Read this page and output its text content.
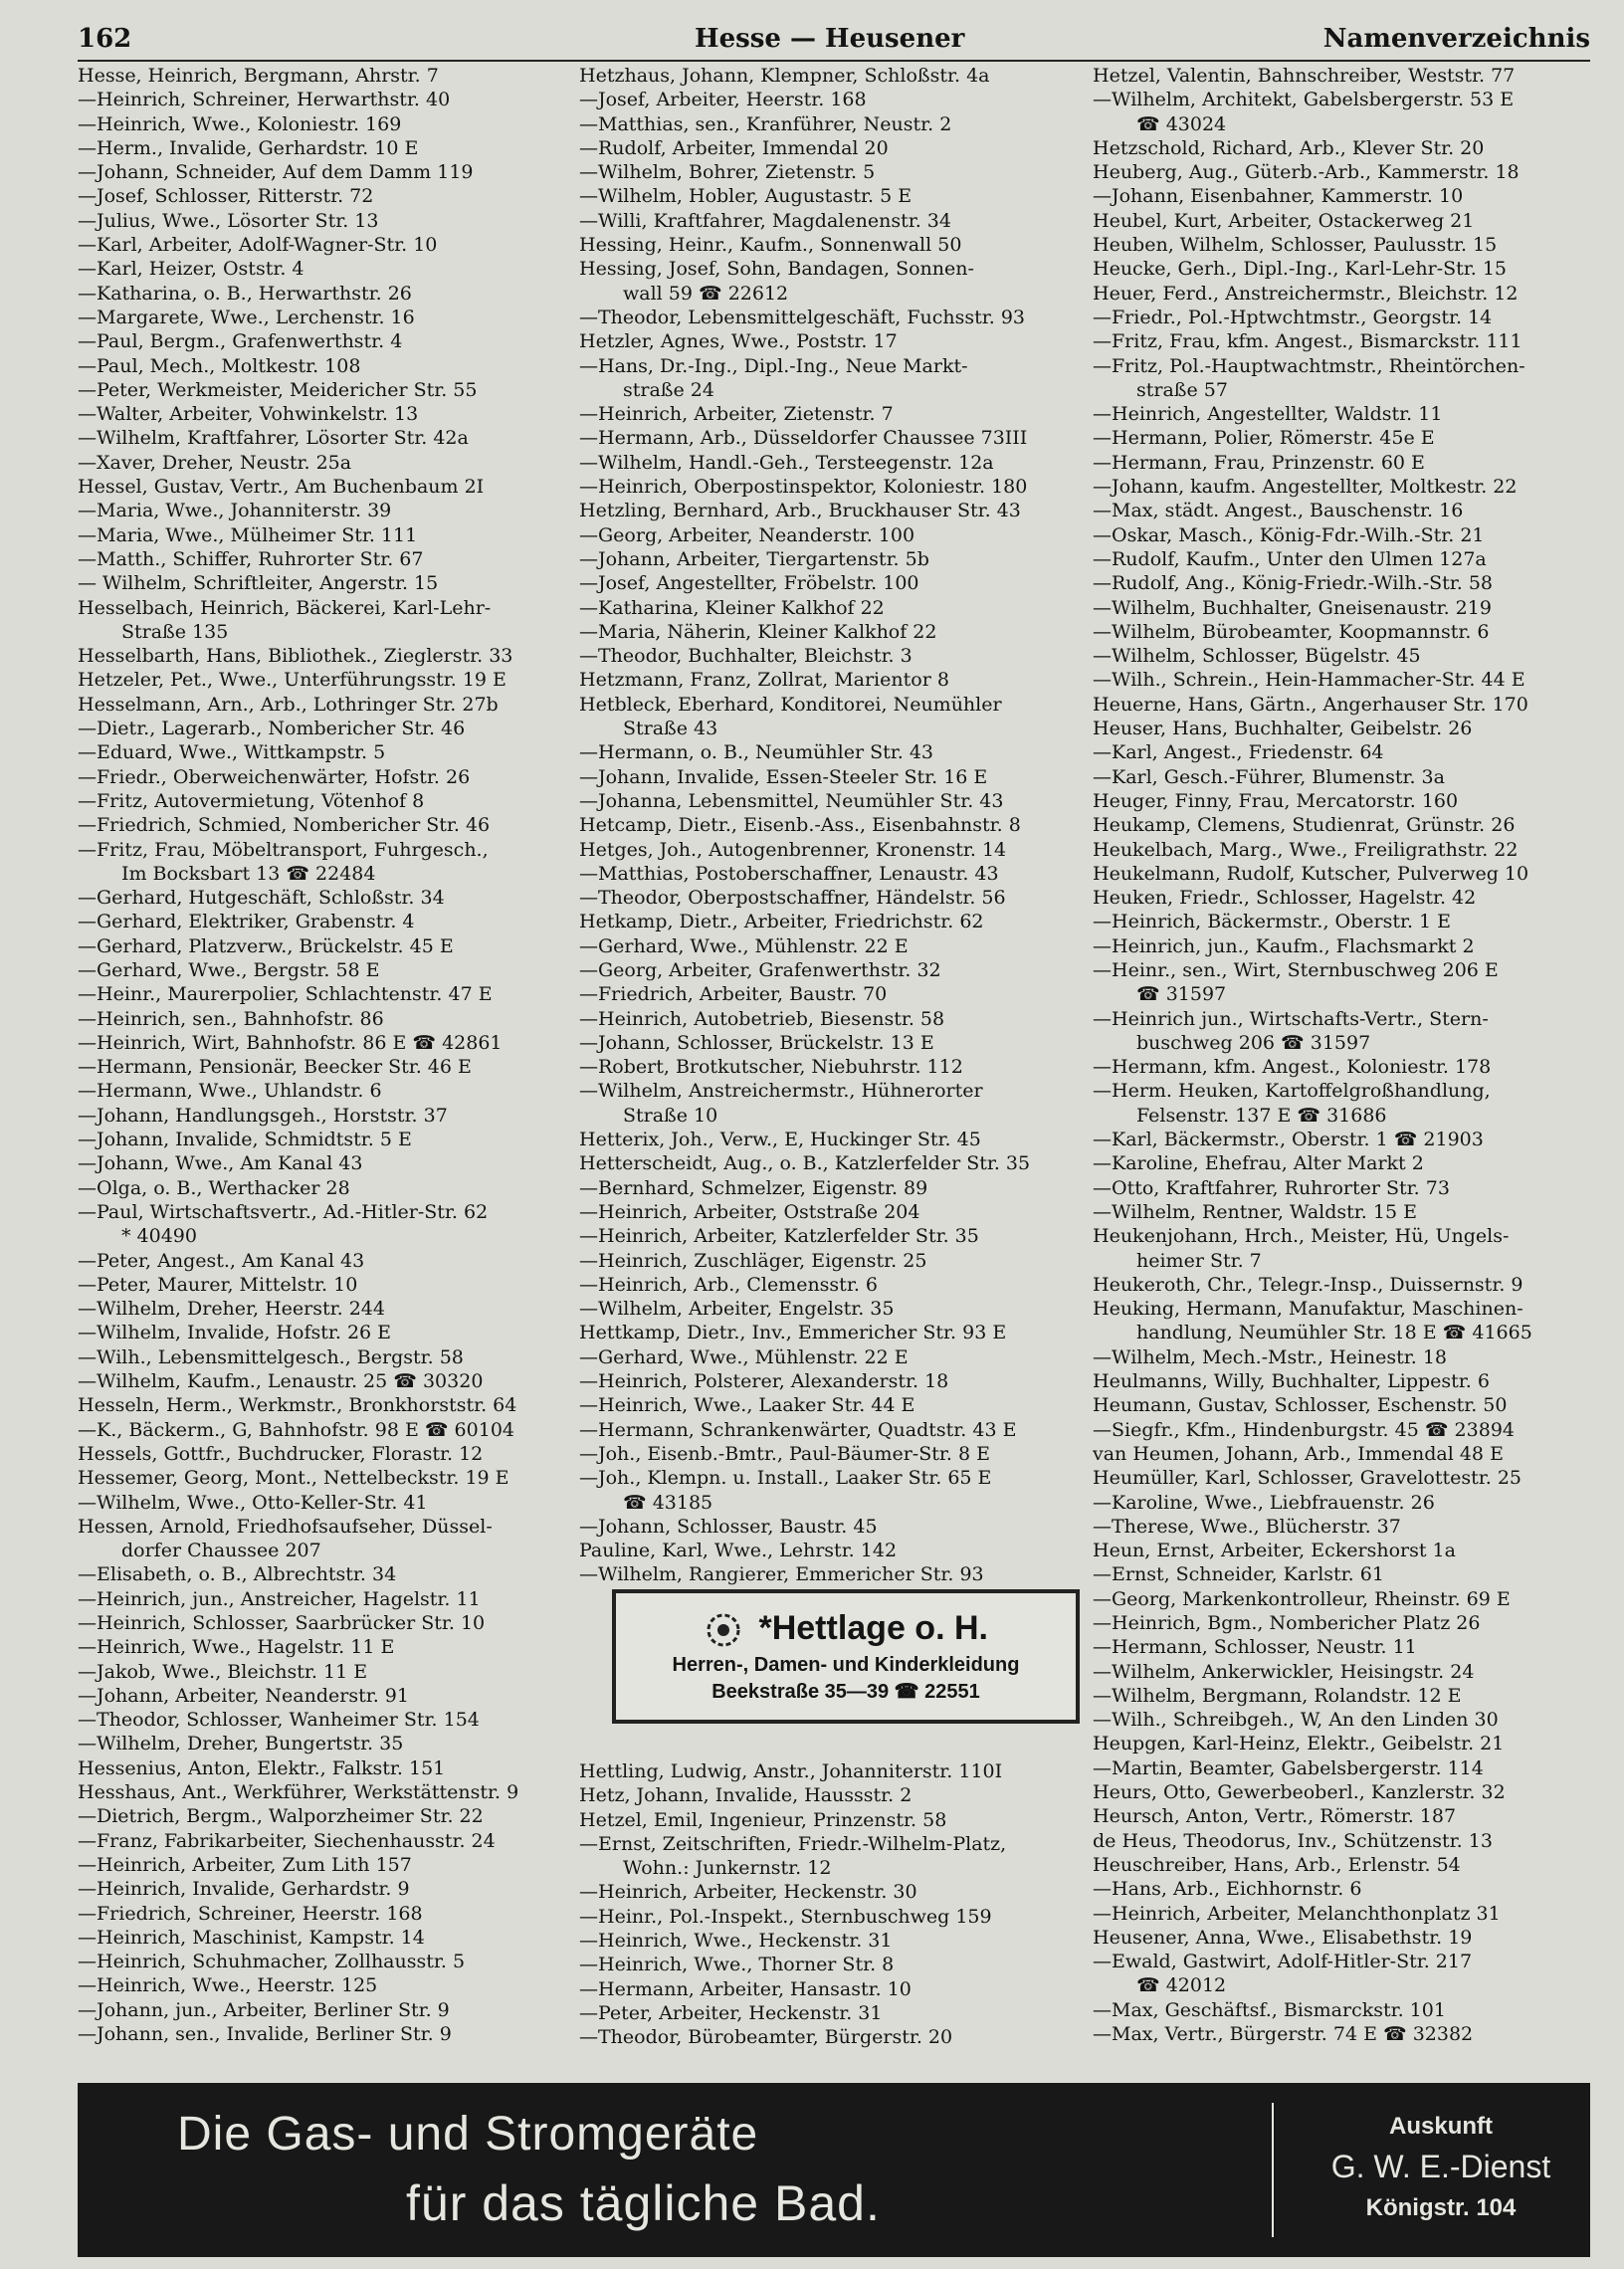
162	Hesse — Heusener	Namenverzeichnis
Hesse, Heinrich, Bergmann, Ahrstr. 7
—Heinrich, Schreiner, Herwarthstr. 40
—Heinrich, Wwe., Koloniestr. 169
—Herm., Invalide, Gerhardstr. 10 E
—Johann, Schneider, Auf dem Damm 119
—Josef, Schlosser, Ritterstr. 72
—Julius, Wwe., Lösorter Str. 13
—Karl, Arbeiter, Adolf-Wagner-Str. 10
—Karl, Heizer, Oststr. 4
—Katharina, o. B., Herwarthstr. 26
—Margarete, Wwe., Lerchenstr. 16
—Paul, Bergm., Grafenwerthstr. 4
—Paul, Mech., Moltkestr. 108
—Peter, Werkmeister, Meidericher Str. 55
—Walter, Arbeiter, Vohwinkelstr. 13
—Wilhelm, Kraftfahrer, Lösorter Str. 42a
—Xaver, Dreher, Neustr. 25a
Hessel, Gustav, Vertr., Am Buchenbaum 2I
—Maria, Wwe., Johanniterstr. 39
—Maria, Wwe., Mülheimer Str. 111
—Matth., Schiffer, Ruhrorter Str. 67
— Wilhelm, Schriftleiter, Angerstr. 15
Hesselbach, Heinrich, Bäckerei, Karl-Lehr-
Straße 135
Hesselbarth, Hans, Bibliothek., Zieglerstr. 33
Hetzeler, Pet., Wwe., Unterführungsstr. 19 E
Hesselmann, Arn., Arb., Lothringer Str. 27b
—Dietr., Lagerarb., Nombericher Str. 46
—Eduard, Wwe., Wittkampstr. 5
—Friedr., Oberweichenwärter, Hofstr. 26
—Fritz, Autovermietung, Vötenhof 8
—Friedrich, Schmied, Nombericher Str. 46
—Fritz, Frau, Möbeltransport, Fuhrgesch.,
Im Bocksbart 13 ☎ 22484
—Gerhard, Hutgeschäft, Schloßstr. 34
—Gerhard, Elektriker, Grabenstr. 4
—Gerhard, Platzverw., Brückelstr. 45 E
—Gerhard, Wwe., Bergstr. 58 E
—Heinr., Maurerpolier, Schlachtenstr. 47 E
—Heinrich, sen., Bahnhofstr. 86
—Heinrich, Wirt, Bahnhofstr. 86 E ☎ 42861
—Hermann, Pensionär, Beecker Str. 46 E
—Hermann, Wwe., Uhlandstr. 6
—Johann, Handlungsgeh., Horststr. 37
—Johann, Invalide, Schmidtstr. 5 E
—Johann, Wwe., Am Kanal 43
—Olga, o. B., Werthacker 28
—Paul, Wirtschaftsvertr., Ad.-Hitler-Str. 62
* 40490
—Peter, Angest., Am Kanal 43
—Peter, Maurer, Mittelstr. 10
—Wilhelm, Dreher, Heerstr. 244
—Wilhelm, Invalide, Hofstr. 26 E
—Wilh., Lebensmittelgesch., Bergstr. 58
—Wilhelm, Kaufm., Lenaustr. 25 ☎ 30320
Hesseln, Herm., Werkmstr., Bronkhorststr. 64
—K., Bäckerm., G, Bahnhofstr. 98 E ☎ 60104
Hessels, Gottfr., Buchdrucker, Florastr. 12
Hessemer, Georg, Mont., Nettelbeckstr. 19 E
—Wilhelm, Wwe., Otto-Keller-Str. 41
Hessen, Arnold, Friedhofsaufseher, Düssel-
dorfer Chaussee 207
—Elisabeth, o. B., Albrechtstr. 34
—Heinrich, jun., Anstreicher, Hagelstr. 11
—Heinrich, Schlosser, Saarbrücker Str. 10
—Heinrich, Wwe., Hagelstr. 11 E
—Jakob, Wwe., Bleichstr. 11 E
—Johann, Arbeiter, Neanderstr. 91
—Theodor, Schlosser, Wanheimer Str. 154
—Wilhelm, Dreher, Bungertstr. 35
Hessenius, Anton, Elektr., Falkstr. 151
Hesshaus, Ant., Werkführer, Werkstättenstr. 9
—Dietrich, Bergm., Walporzheimer Str. 22
—Franz, Fabrikarbeiter, Siechenhausstr. 24
—Heinrich, Arbeiter, Zum Lith 157
—Heinrich, Invalide, Gerhardstr. 9
—Friedrich, Schreiner, Heerstr. 168
—Heinrich, Maschinist, Kampstr. 14
—Heinrich, Schuhmacher, Zollhausstr. 5
—Heinrich, Wwe., Heerstr. 125
—Johann, jun., Arbeiter, Berliner Str. 9
—Johann, sen., Invalide, Berliner Str. 9
Hetzhaus, Johann, Klempner, Schloßstr. 4a
—Josef, Arbeiter, Heerstr. 168
—Matthias, sen., Kranführer, Neustr. 2
—Rudolf, Arbeiter, Immendal 20
—Wilhelm, Bohrer, Zietenstr. 5
—Wilhelm, Hobler, Augustastr. 5 E
—Willi, Kraftfahrer, Magdalenenstr. 34
Hessing, Heinr., Kaufm., Sonnenwall 50
Hessing, Josef, Sohn, Bandagen, Sonnen-
wall 59 ☎ 22612
—Theodor, Lebensmittelgeschäft, Fuchsstr. 93
Hetzler, Agnes, Wwe., Poststr. 17
—Hans, Dr.-Ing., Dipl.-Ing., Neue Markt-
straße 24
—Heinrich, Arbeiter, Zietenstr. 7
—Hermann, Arb., Düsseldorfer Chaussee 73III
—Wilhelm, Handl.-Geh., Tersteegenstr. 12a
—Heinrich, Oberpostinspektor, Koloniestr. 180
Hetzling, Bernhard, Arb., Bruckhauser Str. 43
—Georg, Arbeiter, Neanderstr. 100
—Johann, Arbeiter, Tiergartenstr. 5b
—Josef, Angestellter, Fröbelstr. 100
—Katharina, Kleiner Kalkhof 22
—Maria, Näherin, Kleiner Kalkhof 22
—Theodor, Buchhalter, Bleichstr. 3
Hetzmann, Franz, Zollrat, Marientor 8
Hetbleck, Eberhard, Konditorei, Neumühler
Straße 43
—Hermann, o. B., Neumühler Str. 43
—Johann, Invalide, Essen-Steeler Str. 16 E
—Johanna, Lebensmittel, Neumühler Str. 43
Hetcamp, Dietr., Eisenb.-Ass., Eisenbahnstr. 8
Hetges, Joh., Autogenbrenner, Kronenstr. 14
—Matthias, Postoberschaffner, Lenaustr. 43
—Theodor, Oberpostschaffner, Händelstr. 56
Hetkamp, Dietr., Arbeiter, Friedrichstr. 62
—Gerhard, Wwe., Mühlenstr. 22 E
—Georg, Arbeiter, Grafenwerthstr. 32
—Friedrich, Arbeiter, Baustr. 70
—Heinrich, Autobetrieb, Biesenstr. 58
—Johann, Schlosser, Brückelstr. 13 E
—Robert, Brotkutscher, Niebuhrstr. 112
—Wilhelm, Anstreichermstr., Hühnerorter
Straße 10
Hetterix, Joh., Verw., E, Huckinger Str. 45
Hetterscheidt, Aug., o. B., Katzlerfelder Str. 35
—Bernhard, Schmelzer, Eigenstr. 89
—Heinrich, Arbeiter, Oststraße 204
—Heinrich, Arbeiter, Katzlerfelder Str. 35
—Heinrich, Zuschläger, Eigenstr. 25
—Heinrich, Arb., Clemensstr. 6
—Wilhelm, Arbeiter, Engelstr. 35
Hettkamp, Dietr., Inv., Emmericher Str. 93 E
—Gerhard, Wwe., Mühlenstr. 22 E
—Heinrich, Polsterer, Alexanderstr. 18
—Heinrich, Wwe., Laaker Str. 44 E
—Hermann, Schrankenwärter, Quadtstr. 43 E
—Joh., Eisenb.-Bmtr., Paul-Bäumer-Str. 8 E
—Joh., Klempn. u. Install., Laaker Str. 65 E
☎ 43185
—Johann, Schlosser, Baustr. 45
Pauline, Karl, Wwe., Lehrstr. 142
—Wilhelm, Rangierer, Emmericher Str. 93
Hetzel, Valentin, Bahnschreiber, Weststr. 77
—Wilhelm, Architekt, Gabelsbergerstr. 53 E
☎ 43024
Hetzschold, Richard, Arb., Klever Str. 20
Heuberg, Aug., Güterb.-Arb., Kammerstr. 18
—Johann, Eisenbahner, Kammerstr. 10
Heubel, Kurt, Arbeiter, Ostackerweg 21
Heuben, Wilhelm, Schlosser, Paulusstr. 15
Heucke, Gerh., Dipl.-Ing., Karl-Lehr-Str. 15
Heuer, Ferd., Anstreichermstr., Bleichstr. 12
—Friedr., Pol.-Hptwchtmstr., Georgstr. 14
—Fritz, Frau, kfm. Angest., Bismarckstr. 111
—Fritz, Pol.-Hauptwachtmstr., Rheintörchen-
straße 57
—Heinrich, Angestellter, Waldstr. 11
—Hermann, Polier, Römerstr. 45e E
—Hermann, Frau, Prinzenstr. 60 E
—Johann, kaufm. Angestellter, Moltkestr. 22
—Max, städt. Angest., Bauschenstr. 16
—Oskar, Masch., König-Fdr.-Wilh.-Str. 21
—Rudolf, Kaufm., Unter den Ulmen 127a
—Rudolf, Ang., König-Friedr.-Wilh.-Str. 58
—Wilhelm, Buchhalter, Gneisenaustr. 219
—Wilhelm, Bürobeamter, Koopmannstr. 6
—Wilhelm, Schlosser, Bügelstr. 45
—Wilh., Schrein., Hein-Hammacher-Str. 44 E
Heuerne, Hans, Gärtn., Angerhauser Str. 170
Heuser, Hans, Buchhalter, Geibelstr. 26
—Karl, Angest., Friedenstr. 64
—Karl, Gesch.-Führer, Blumenstr. 3a
Heuger, Finny, Frau, Mercatorstr. 160
Heukamp, Clemens, Studienrat, Grünstr. 26
Heukelbach, Marg., Wwe., Freiligrathstr. 22
Heukelmann, Rudolf, Kutscher, Pulverweg 10
Heuken, Friedr., Schlosser, Hagelstr. 42
—Heinrich, Bäckermstr., Oberstr. 1 E
—Heinrich, jun., Kaufm., Flachsmarkt 2
—Heinr., sen., Wirt, Sternbuschweg 206 E
☎ 31597
—Heinrich jun., Wirtschafts-Vertr., Stern-
buschweg 206 ☎ 31597
—Hermann, kfm. Angest., Koloniestr. 178
—Herm. Heuken, Kartoffelgroßhandlung,
Felsenstr. 137 E ☎ 31686
—Karl, Bäckermstr., Oberstr. 1 ☎ 21903
—Karoline, Ehefrau, Alter Markt 2
—Otto, Kraftfahrer, Ruhrorter Str. 73
—Wilhelm, Rentner, Waldstr. 15 E
Heukenjohann, Hrch., Meister, Hü, Ungels-
heimer Str. 7
Heukeroth, Chr., Telegr.-Insp., Duissernstr. 9
Heuking, Hermann, Manufaktur, Maschinen-
handlung, Neumühler Str. 18 E ☎ 41665
—Wilhelm, Mech.-Mstr., Heinestr. 18
Heulmanns, Willy, Buchhalter, Lippestr. 6
Heumann, Gustav, Schlosser, Eschenstr. 50
—Siegfr., Kfm., Hindenburgstr. 45 ☎ 23894
van Heumen, Johann, Arb., Immendal 48 E
Heumüller, Karl, Schlosser, Gravelottestr. 25
—Karoline, Wwe., Liebfrauenstr. 26
—Therese, Wwe., Blücherstr. 37
Heun, Ernst, Arbeiter, Eckershorst 1a
—Ernst, Schneider, Karlstr. 61
—Georg, Markenkontrolleur, Rheinstr. 69 E
—Heinrich, Bgm., Nombericher Platz 26
—Hermann, Schlosser, Neustr. 11
—Wilhelm, Ankerwickler, Heisingstr. 24
—Wilhelm, Bergmann, Rolandstr. 12 E
—Wilh., Schreibgeh., W, An den Linden 30
Heupgen, Karl-Heinz, Elektr., Geibelstr. 21
—Martin, Beamter, Gabelsbergerstr. 114
Heurs, Otto, Gewerbeoberl., Kanzlerstr. 32
Heursch, Anton, Vertr., Römerstr. 187
de Heus, Theodorus, Inv., Schützenstr. 13
Heuschreiber, Hans, Arb., Erlenstr. 54
—Hans, Arb., Eichhornstr. 6
—Heinrich, Arbeiter, Melanchthonplatz 31
Heusener, Anna, Wwe., Elisabethstr. 19
—Ewald, Gastwirt, Adolf-Hitler-Str. 217
☎ 42012
—Max, Geschäftsf., Bismarckstr. 101
—Max, Vertr., Bürgerstr. 74 E ☎ 32382
*Hettlage o. H.
Herren-, Damen- und Kinderkleidung
Beekstraße 35—39 ☎ 22551
Hettling, Ludwig, Anstr., Johanniterstr. 110I
Hetz, Johann, Invalide, Haussstr. 2
Hetzel, Emil, Ingenieur, Prinzenstr. 58
—Ernst, Zeitschriften, Friedr.-Wilhelm-Platz,
Wohn.: Junkernstr. 12
—Heinrich, Arbeiter, Heckenstr. 30
—Heinr., Pol.-Inspekt., Sternbuschweg 159
—Heinrich, Wwe., Heckenstr. 31
—Heinrich, Wwe., Thorner Str. 8
—Hermann, Arbeiter, Hansastr. 10
—Peter, Arbeiter, Heckenstr. 31
—Theodor, Bürobeamter, Bürgerstr. 20
Die Gas- und Stromgeräte
für das tägliche Bad.
Auskunft
G. W. E.-Dienst
Königstr. 104
